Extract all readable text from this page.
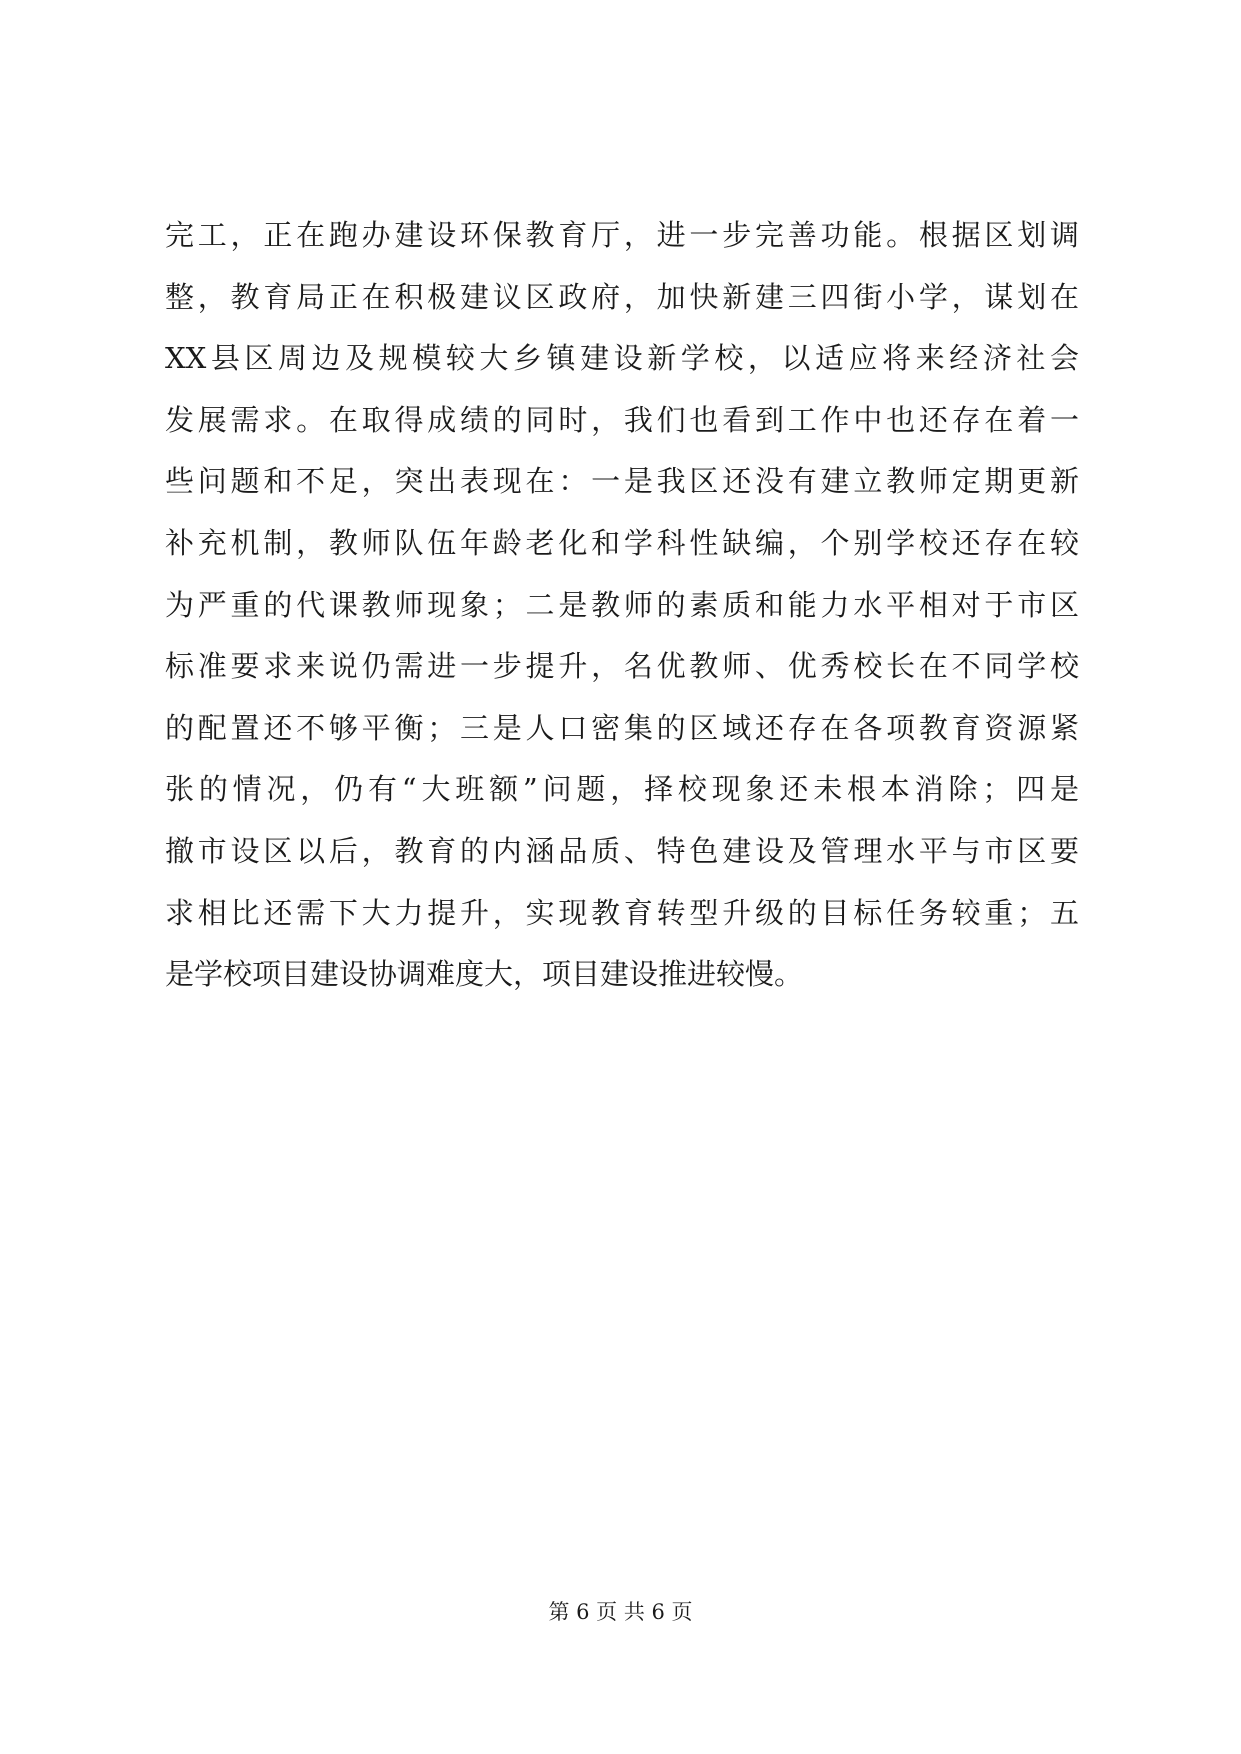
完工，正在跑办建设环保教育厅，进一步完善功能。根据区划调
整，教育局正在积极建议区政府，加快新建三四街小学，谋划在
XX县区周边及规模较大乡镇建设新学校，以适应将来经济社会
发展需求。在取得成绩的同时，我们也看到工作中也还存在着一
些问题和不足，突出表现在：一是我区还没有建立教师定期更新
补充机制，教师队伍年龄老化和学科性缺编，个别学校还存在较
为严重的代课教师现象；二是教师的素质和能力水平相对于市区
标准要求来说仍需进一步提升，名优教师、优秀校长在不同学校
的配置还不够平衡；三是人口密集的区域还存在各项教育资源紧
张的情况，仍有“大班额”问题，择校现象还未根本消除；四是
撤市设区以后，教育的内涵品质、特色建设及管理水平与市区要
求相比还需下大力提升，实现教育转型升级的目标任务较重；五
是学校项目建设协调难度大，项目建设推进较慢。
第 6 页 共 6 页
